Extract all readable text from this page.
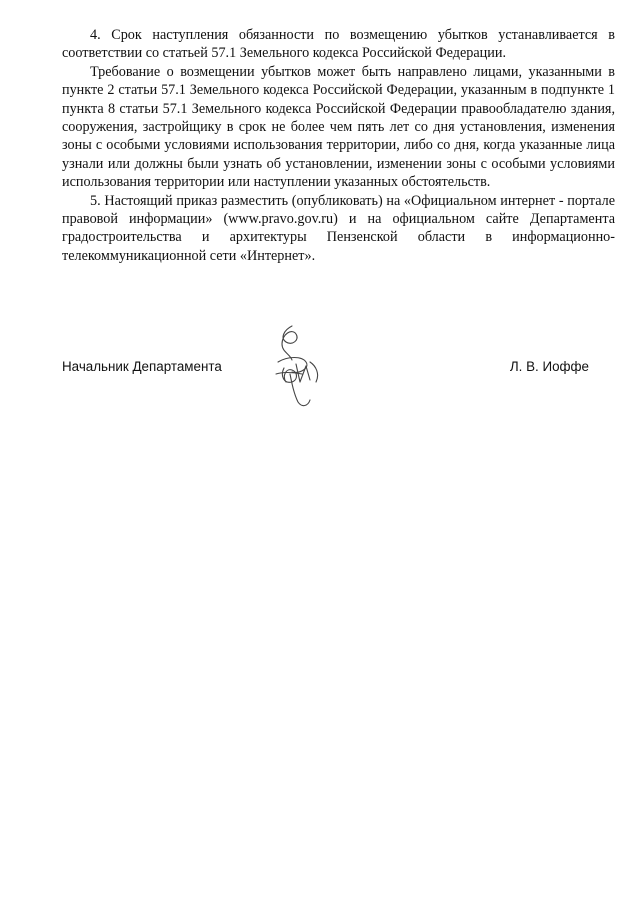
4. Срок наступления обязанности по возмещению убытков устанавливается в соответствии со статьей 57.1 Земельного кодекса Российской Федерации.

Требование о возмещении убытков может быть направлено лицами, указанными в пункте 2 статьи 57.1 Земельного кодекса Российской Федерации, указанным в подпункте 1 пункта 8 статьи 57.1 Земельного кодекса Российской Федерации правообладателю здания, сооружения, застройщику в срок не более чем пять лет со дня установления, изменения зоны с особыми условиями использования территории, либо со дня, когда указанные лица узнали или должны были узнать об установлении, изменении зоны с особыми условиями использования территории или наступлении указанных обстоятельств.

5. Настоящий приказ разместить (опубликовать) на «Официальном интернет - портале правовой информации» (www.pravo.gov.ru) и на официальном сайте Департамента градостроительства и архитектуры Пензенской области в информационно-телекоммуникационной сети «Интернет».

Начальник Департамента	Л. В. Иоффе
